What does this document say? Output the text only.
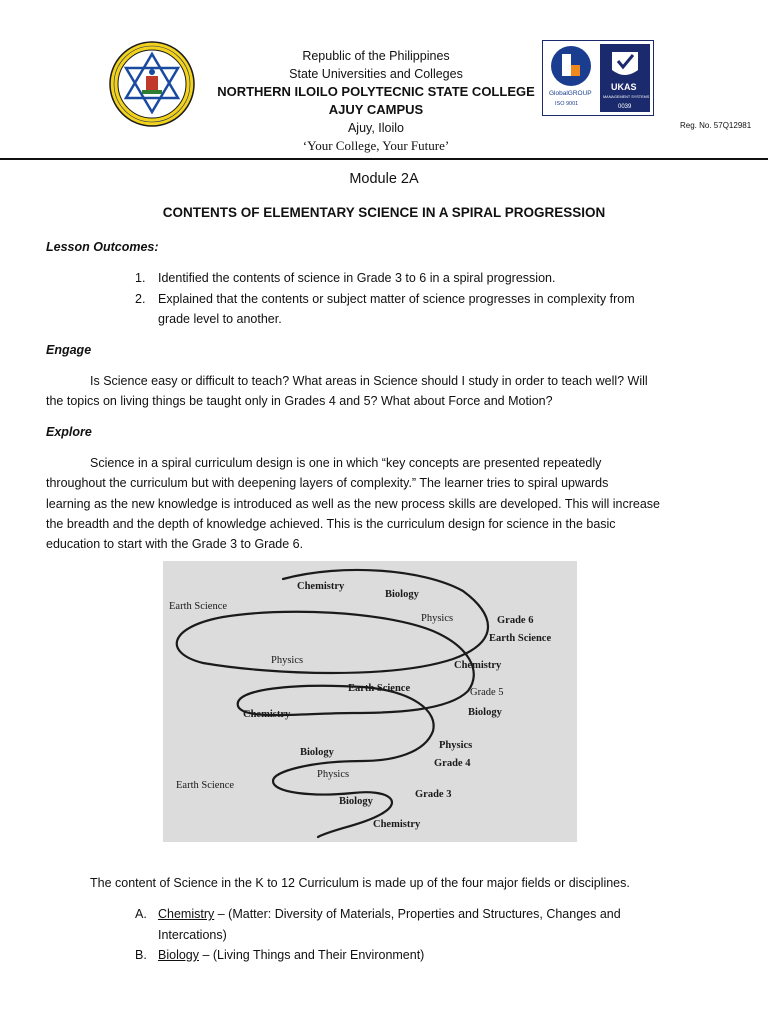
Republic of the Philippines
State Universities and Colleges
NORTHERN ILOILO POLYTECNIC STATE COLLEGE
AJUY CAMPUS
Ajuy, Iloilo
‘Your College, Your Future’
GlobalGROUP
ISO 9001
UKAS
MANAGEMENT SYSTEMS
0039
Reg. No. 57Q12981
Module 2A
CONTENTS OF ELEMENTARY SCIENCE IN A SPIRAL PROGRESSION
Lesson Outcomes:
1.	Identified the contents of science in Grade 3 to 6 in a spiral progression.
2.	Explained that the contents or subject matter of science progresses in complexity from
grade level to another.
Engage
Is Science easy or difficult to teach? What areas in Science should I study in order to teach well? Will
the topics on living things be taught only in Grades 4 and 5? What about Force and Motion?
Explore
Science in a spiral curriculum design is one in which “key concepts are presented repeatedly
throughout the curriculum but with deepening layers of complexity.” The learner tries to spiral upwards
learning as the new knowledge is introduced as well as the new process skills are developed. This will increase
the breadth and the depth of knowledge achieved. This is the curriculum design for science in the basic
education to start with the Grade 3 to Grade 6.
Chemistry
Biology
Earth Science
Physics	Grade 6
Earth Science
Physics	Chemistry
Earth Science	Grade 5
Chemistry	Biology
Physics
Biology
Grade 4
Physics
Earth Science
Biology
Grade 3
Chemistry
The content of Science in the K to 12 Curriculum is made up of the four major fields or disciplines.
A. Chemistry – (Matter: Diversity of Materials, Properties and Structures, Changes and
Intercations)
B. Biology – (Living Things and Their Environment)
